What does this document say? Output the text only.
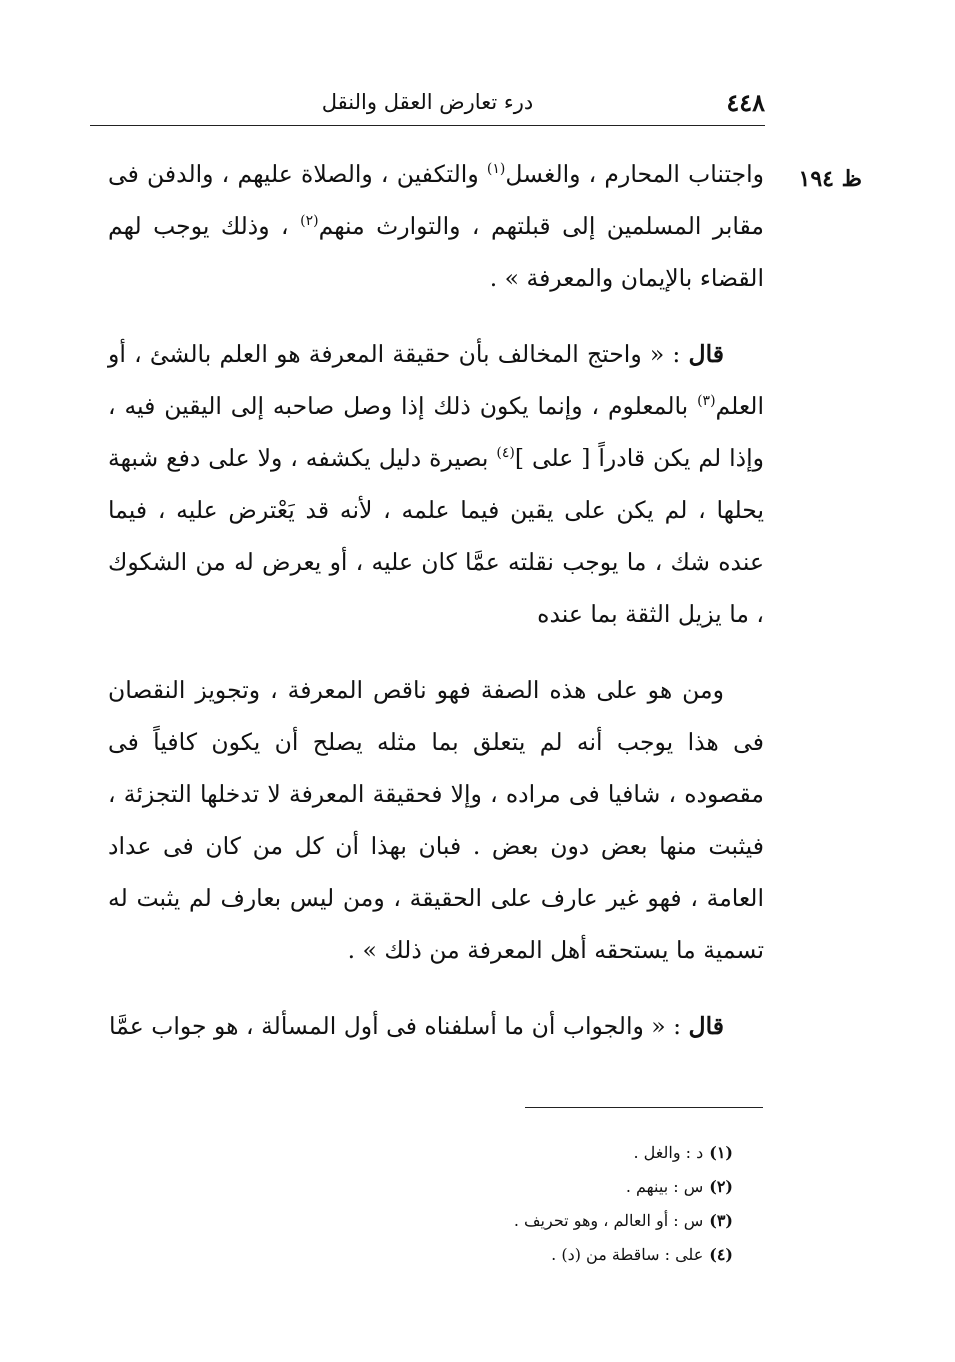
٤٤٨
درء تعارض العقل والنقل
ظ ١٩٤

واجتناب المحارم ، والغسل$^{(١)}$ والتكفين ، والصلاة عليهم ، والدفن فى مقابر المسلمين إلى قبلتهم ، والتوارث منهم$^{(٢)}$ ، وذلك يوجب لهم القضاء بالإيمان والمعرفة » .

قال : « واحتج المخالف بأن حقيقة المعرفة هو العلم بالشئ ، أو العلم$^{(٣)}$ بالمعلوم ، وإنما يكون ذلك إذا وصل صاحبه إلى اليقين فيه ، وإذا لم يكن قادراً [ على ]$^{(٤)}$ بصيرة دليل يكشفه ، ولا على دفع شبهة يحلها ، لم يكن على يقين فيما علمه ، لأنه قد يَعْترض عليه ، فيما عنده شك ، ما يوجب نقلته عمَّا كان عليه ، أو يعرض له من الشكوك ، ما يزيل الثقة بما عنده

ومن هو على هذه الصفة فهو ناقص المعرفة ، وتجويز النقصان فى هذا يوجب أنه لم يتعلق بما مثله يصلح أن يكون كافياً فى مقصوده ، شافيا فى مراده ، وإلا فحقيقة المعرفة لا تدخلها التجزئة ، فيثبت منها بعض دون بعض . فبان بهذا أن كل من كان فى عداد العامة ، فهو غير عارف على الحقيقة ، ومن ليس بعارف لم يثبت له تسمية ما يستحقه أهل المعرفة من ذلك » .

قال : « والجواب أن ما أسلفناه فى أول المسألة ، هو جواب عمَّا

(١)د : والغل .

(٢)س : بينهم .

(٣)س : أو العالم ، وهو تحريف .

(٤)على : ساقطة من (د) .
